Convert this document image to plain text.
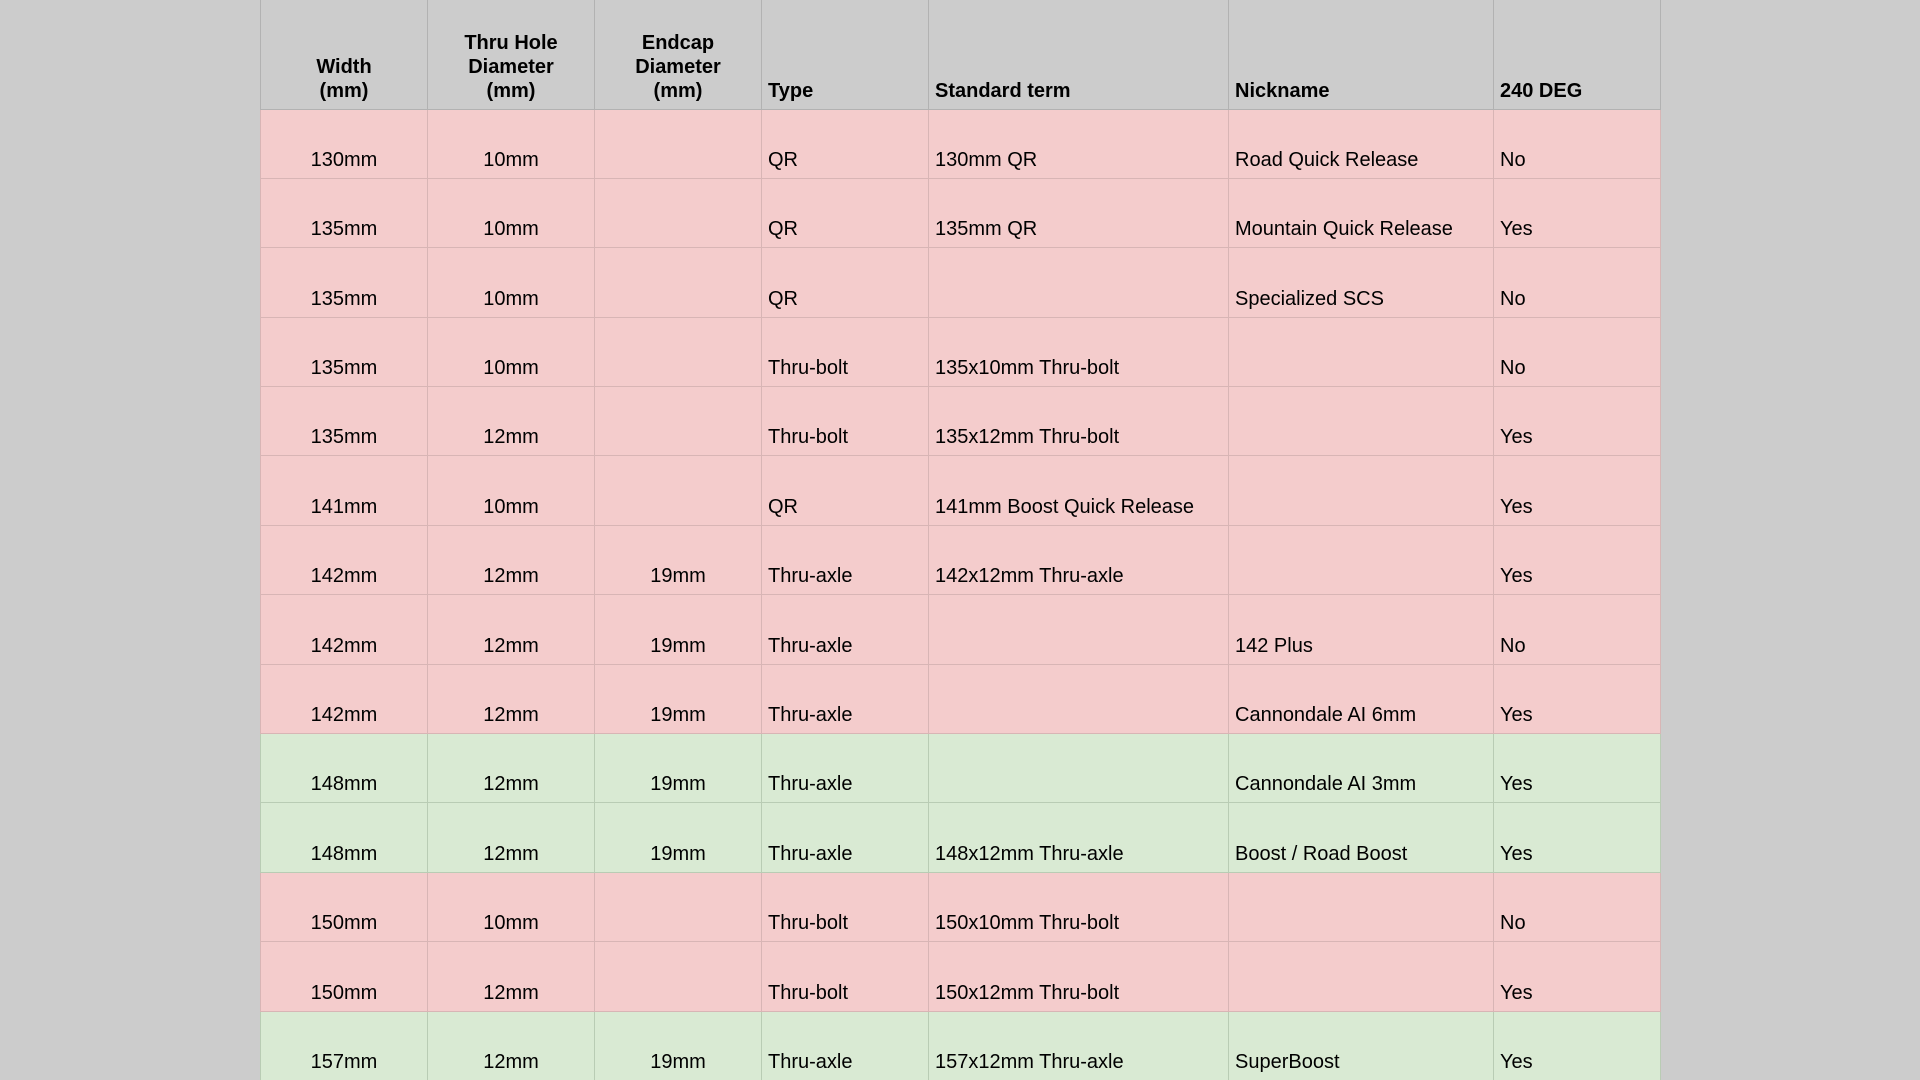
Width
(mm)	Thru Hole
Diameter
(mm)	Endcap
Diameter
(mm)	Type	Standard term	Nickname	240 DEG
130mm	10mm		QR	130mm QR	Road Quick Release	No
135mm	10mm		QR	135mm QR	Mountain Quick Release	Yes
135mm	10mm		QR		Specialized SCS	No
135mm	10mm		Thru-bolt	135x10mm Thru-bolt		No
135mm	12mm		Thru-bolt	135x12mm Thru-bolt		Yes
141mm	10mm		QR	141mm Boost Quick Release		Yes
142mm	12mm	19mm	Thru-axle	142x12mm Thru-axle		Yes
142mm	12mm	19mm	Thru-axle		142 Plus	No
142mm	12mm	19mm	Thru-axle		Cannondale AI 6mm	Yes
148mm	12mm	19mm	Thru-axle		Cannondale AI 3mm	Yes
148mm	12mm	19mm	Thru-axle	148x12mm Thru-axle	Boost / Road Boost	Yes
150mm	10mm		Thru-bolt	150x10mm Thru-bolt		No
150mm	12mm		Thru-bolt	150x12mm Thru-bolt		Yes
157mm	12mm	19mm	Thru-axle	157x12mm Thru-axle	SuperBoost	Yes
